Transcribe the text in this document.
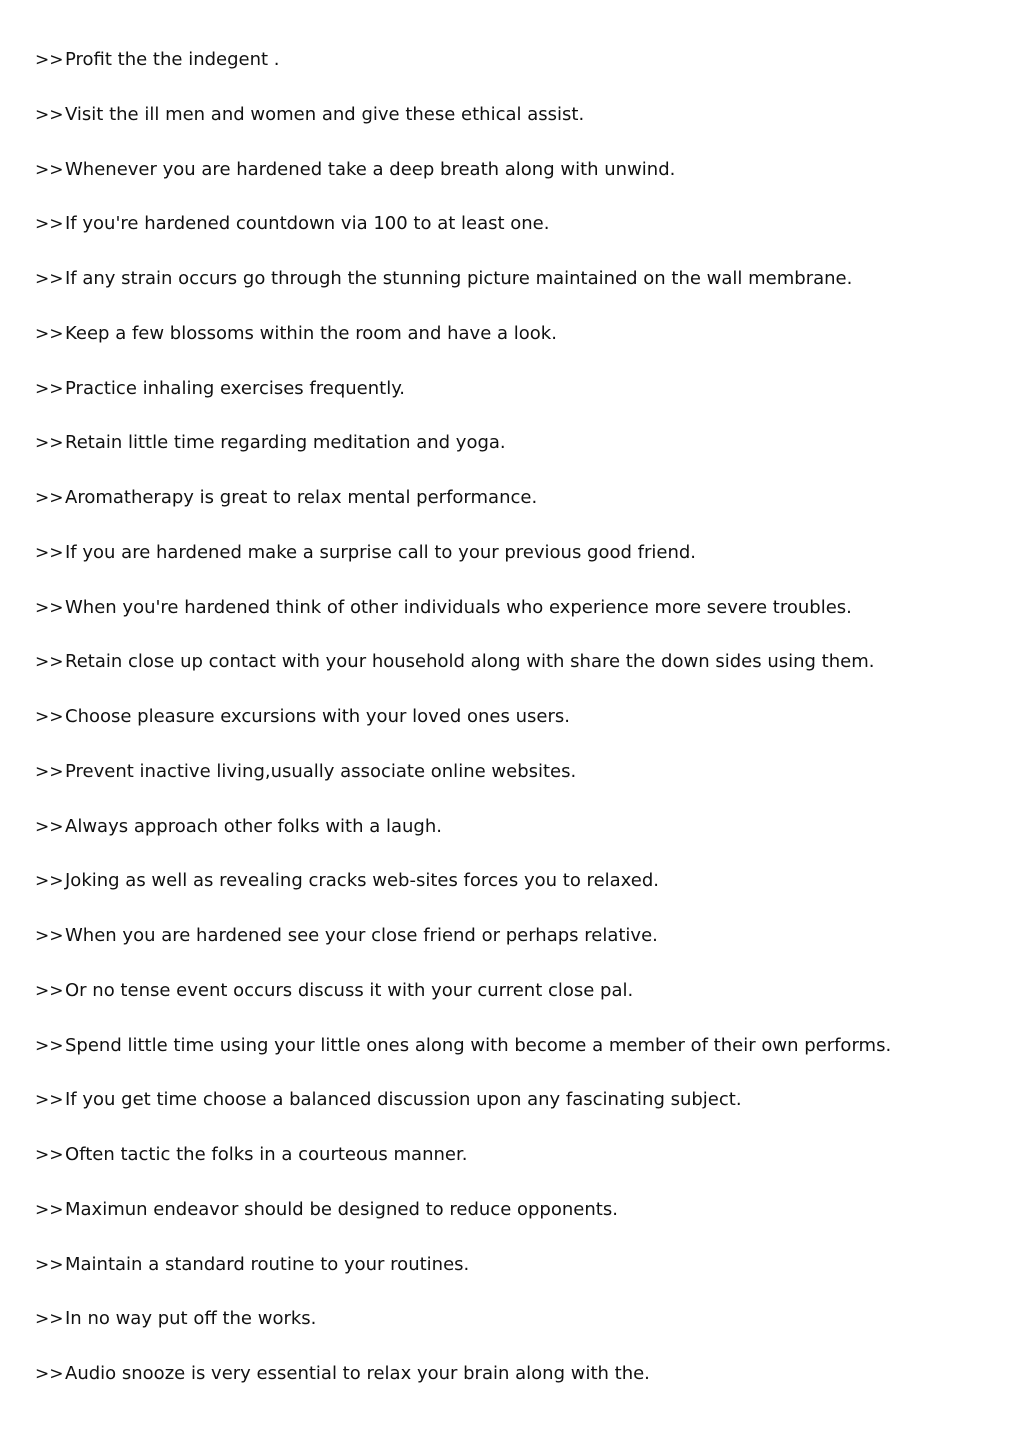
>>Profit the the indegent .
>>Visit the ill men and women and give these ethical assist.
>>Whenever you are hardened take a deep breath along with unwind.
>>If you're hardened countdown via 100 to at least one.
>>If any strain occurs go through the stunning picture maintained on the wall membrane.
>>Keep a few blossoms within the room and have a look.
>>Practice inhaling exercises frequently.
>>Retain little time regarding meditation and yoga.
>>Aromatherapy is great to relax mental performance.
>>If you are hardened make a surprise call to your previous good friend.
>>When you're hardened think of other individuals who experience more severe troubles.
>>Retain close up contact with your household along with share the down sides using them.
>>Choose pleasure excursions with your loved ones users.
>>Prevent inactive living,usually associate online websites.
>>Always approach other folks with a laugh.
>>Joking as well as revealing cracks web-sites forces you to relaxed.
>>When you are hardened see your close friend or perhaps relative.
>>Or no tense event occurs discuss it with your current close pal.
>>Spend little time using your little ones along with become a member of their own performs.
>>If you get time choose a balanced discussion upon any fascinating subject.
>>Often tactic the folks in a courteous manner.
>>Maximun endeavor should be designed to reduce opponents.
>>Maintain a standard routine to your routines.
>>In no way put off the works.
>>Audio snooze is very essential to relax your brain along with the.
